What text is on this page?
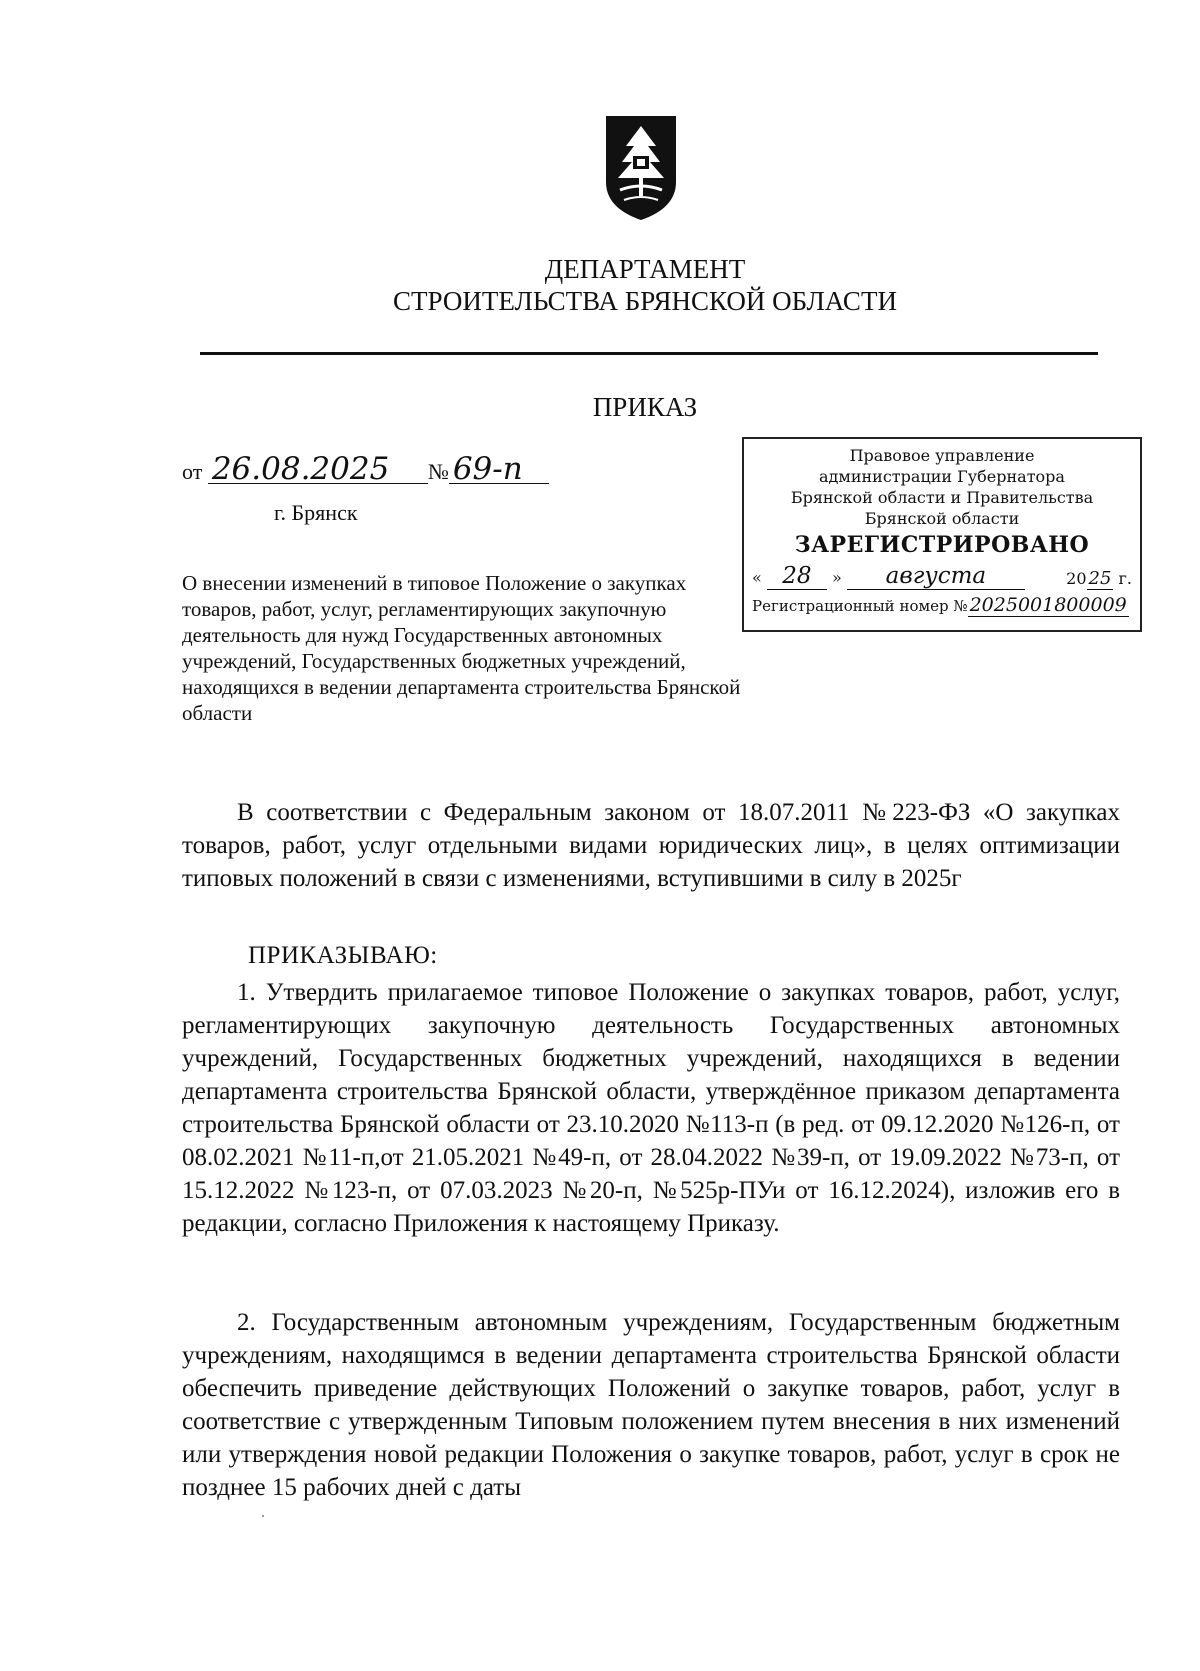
ДЕПАРТАМЕНТ
СТРОИТЕЛЬСТВА БРЯНСКОЙ ОБЛАСТИ
ПРИКАЗ
от 26.08.2025 № 69-п
г. Брянск
Правовое управление
администрации Губернатора
Брянской области и Правительства
Брянской области
ЗАРЕГИСТРИРОВАНО
« 28 » августа	20 25 г.
Регистрационный номер № 2025001800009
О внесении изменений в типовое Положение о закупках товаров, работ, услуг, регламентирующих закупочную деятельность для нужд Государственных автономных учреждений, Государственных бюджетных учреждений, находящихся в ведении департамента строительства Брянской области
В соответствии с Федеральным законом от 18.07.2011 №223-ФЗ «О закупках товаров, работ, услуг отдельными видами юридических лиц», в целях оптимизации типовых положений в связи с изменениями, вступившими в силу в 2025г
ПРИКАЗЫВАЮ:
1. Утвердить прилагаемое типовое Положение о закупках товаров, работ, услуг, регламентирующих закупочную деятельность Государственных автономных учреждений, Государственных бюджетных учреждений, находящихся в ведении департамента строительства Брянской области, утверждённое приказом департамента строительства Брянской области от 23.10.2020 №113-п (в ред. от 09.12.2020 №126-п, от 08.02.2021 №11-п,от 21.05.2021 №49-п, от 28.04.2022 №39-п, от 19.09.2022 №73-п, от 15.12.2022 №123-п, от 07.03.2023 №20-п, №525р-ПУи от 16.12.2024), изложив его в редакции, согласно Приложения к настоящему Приказу.
2. Государственным автономным учреждениям, Государственным бюджетным учреждениям, находящимся в ведении департамента строительства Брянской области обеспечить приведение действующих Положений о закупке товаров, работ, услуг в соответствие с утвержденным Типовым положением путем внесения в них изменений или утверждения новой редакции Положения о закупке товаров, работ, услуг в срок не позднее 15 рабочих дней с даты
